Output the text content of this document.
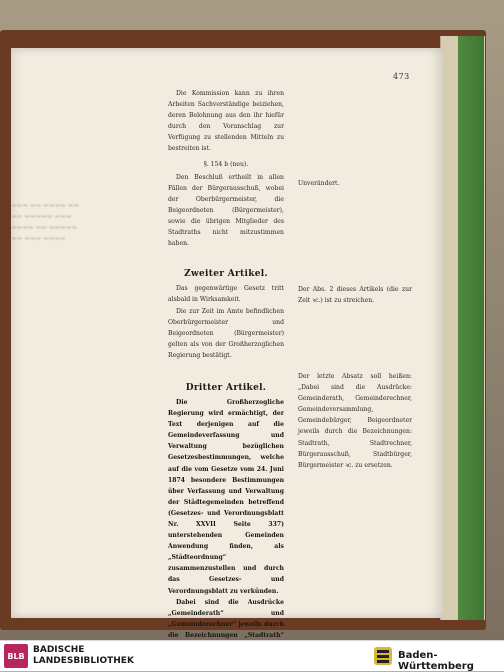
▬▬▬ ▬▬ ▬▬▬▬ ▬▬
▬▬ ▬▬▬▬▬ ▬▬▬
▬▬▬▬ ▬▬ ▬▬▬▬▬
▬▬ ▬▬▬ ▬▬▬▬
473

Die Kommission kann zu ihren Arbeiten Sachverständige beiziehen, deren Belohnung aus den ihr hiefür durch den Voranschlag zur Verfügung zu stellenden Mitteln zu bestreiten ist.

§. 154 b (neu).

Den Beschluß ertheilt in allen Fällen der Bürgerausschuß, wobei der Oberbürgermeister, die Beigeordneten (Bürgermeister), sowie die übrigen Mitglieder des Stadtraths nicht mitzustimmen haben.

Zweiter Artikel.

Das gegenwärtige Gesetz tritt alsbald in Wirksamkeit.

Die zur Zeit im Amte befindlichen Oberbürgermeister und Beigeordneten (Bürgermeister) gelten als von der Großherzoglichen Regierung bestätigt.

Dritter Artikel.

Die Großherzogliche Regierung wird ermächtigt, der Text derjenigen auf die Gemeindeverfassung und Verwaltung bezüglichen Gesetzesbestimmungen, welche auf die vom Gesetze vom 24. Juni 1874 besondere Bestimmungen über Verfassung und Verwaltung der Städtegemeinden betreffend (Gesetzes- und Verordnungsblatt Nr. XXVII Seite 337) unterstehenden Gemeinden Anwendung finden, als „Städteordnung“ zusammenzustellen und durch das Gesetzes- und Verordnungsblatt zu verkünden.

Dabei sind die Ausdrücke „Gemeinderath“ und „Gemeinderechner“ jeweils durch die Bezeichnungen „Stadtrath“

Unverändert.

Der Abs. 2 dieses Artikels (die zur Zeit ꝛc.) ist zu streichen.

Der letzte Absatz soll heißen: „Dabei sind die Ausdrücke: Gemeinderath, Gemeinderechner, Gemeindeversammlung, Gemeindebürger, Beigeordneter jeweils durch die Bezeichnungen: Stadtrath, Stadtrechner, Bürgerausschuß, Stadtbürger, Bürgermeister ꝛc. zu ersetzen.

BLB
BADISCHE
LANDESBIBLIOTHEK	Baden-Württemberg
